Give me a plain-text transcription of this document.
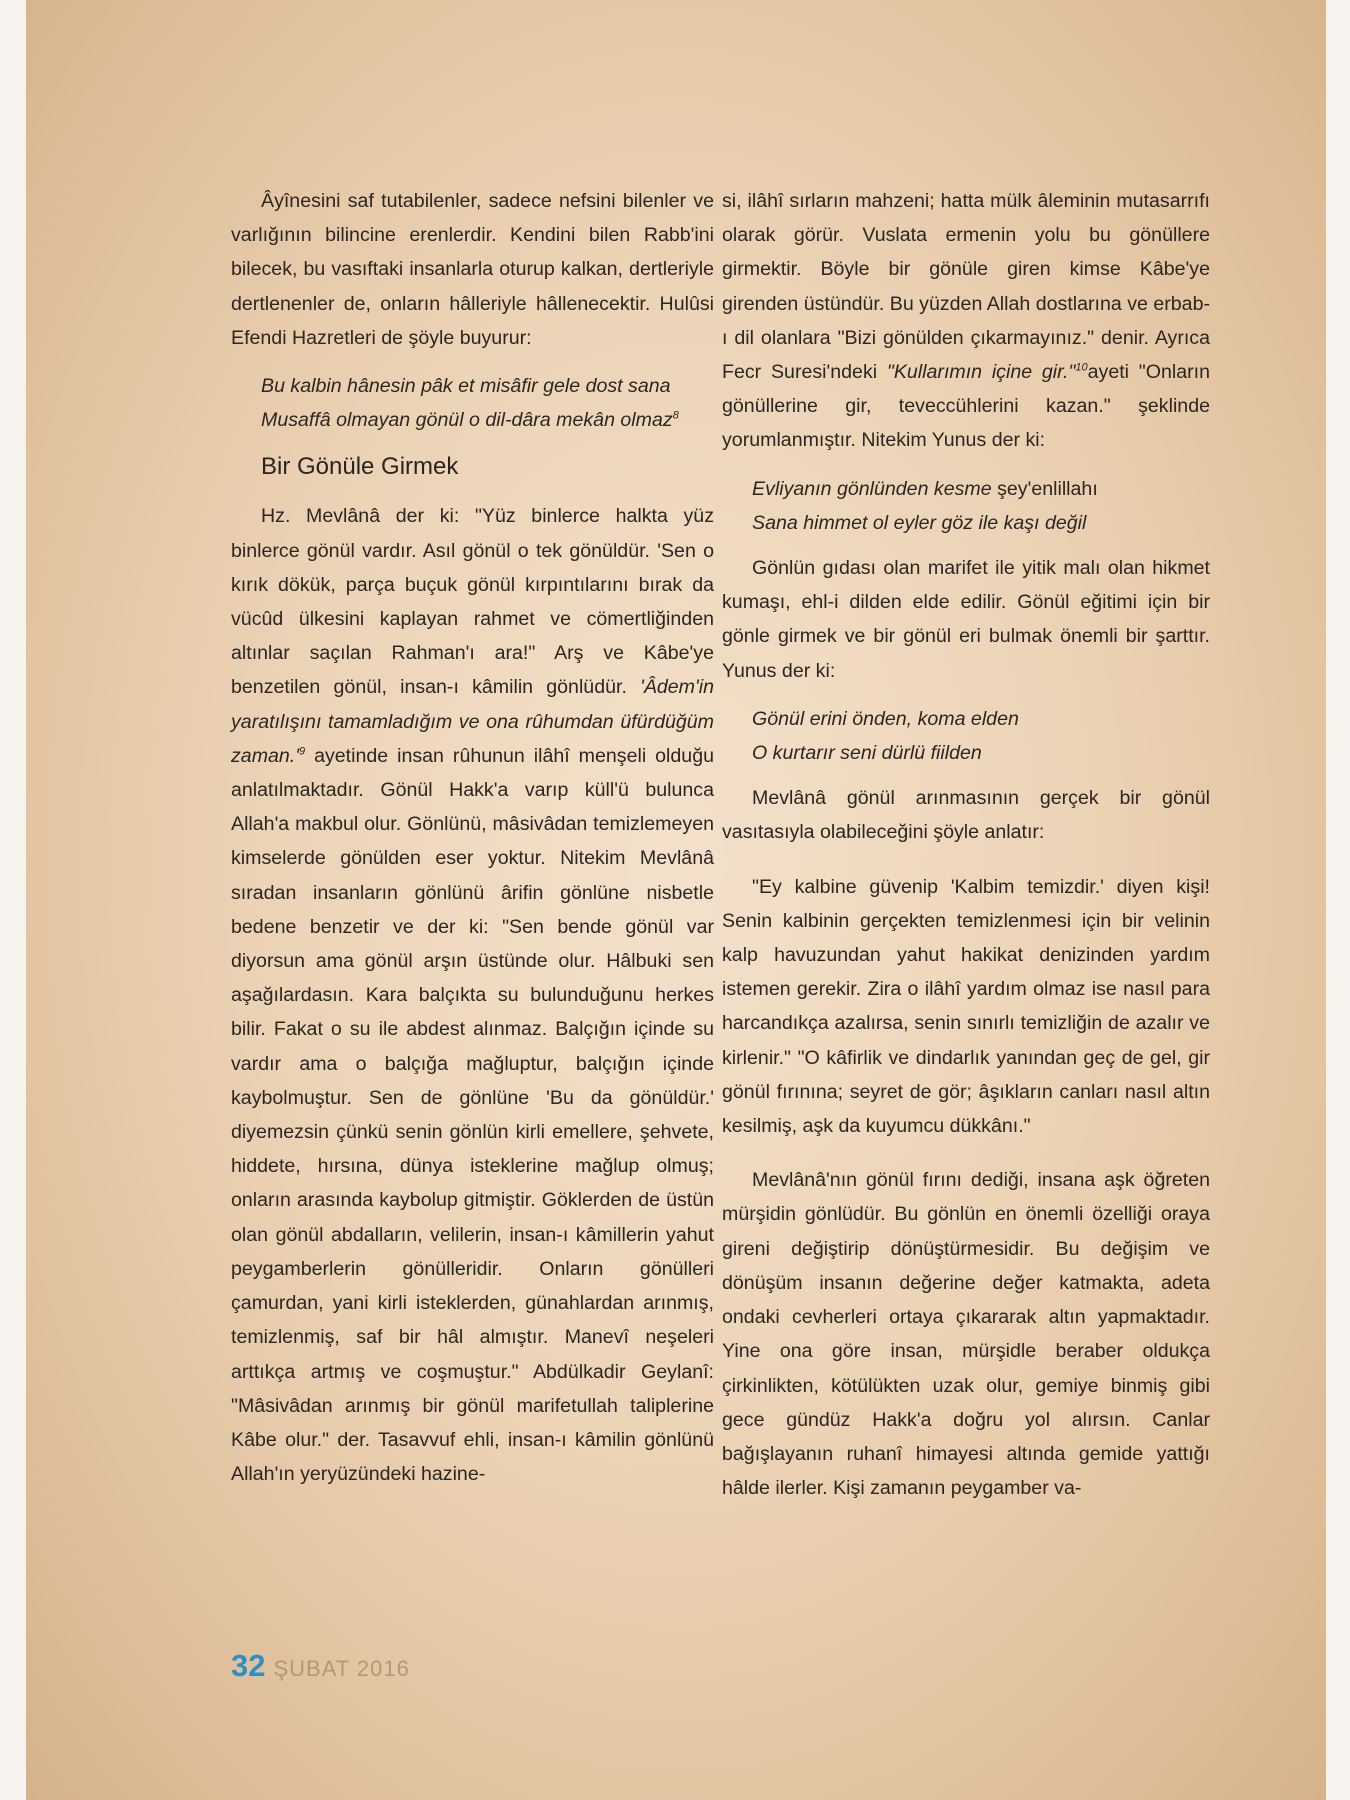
Âyînesini saf tutabilenler, sadece nefsini bilenler ve varlığının bilincine erenlerdir. Kendini bilen Rabb'ini bilecek, bu vasıftaki insanlarla oturup kalkan, dertleriyle dertlenenler de, onların hâlleriyle hâllenecektir. Hulûsi Efendi Hazretleri de şöyle buyurur:

Bu kalbin hânesin pâk et misâfir gele dost sana

Musaffâ olmayan gönül o dil-dâra mekân olmaz$^8$

Bir Gönüle Girmek

Hz. Mevlânâ der ki: "Yüz binlerce halkta yüz binlerce gönül vardır. Asıl gönül o tek gönüldür. 'Sen o kırık dökük, parça buçuk gönül kırpıntılarını bırak da vücûd ülkesini kaplayan rahmet ve cömertliğinden altınlar saçılan Rahman'ı ara!" Arş ve Kâbe'ye benzetilen gönül, insan-ı kâmilin gönlüdür. 'Âdem'in yaratılışını tamamladığım ve ona rûhumdan üfürdüğüm zaman.'$^9$ ayetinde insan rûhunun ilâhî menşeli olduğu anlatılmaktadır. Gönül Hakk'a varıp küll'ü bulunca Allah'a makbul olur. Gönlünü, mâsivâdan temizlemeyen kimselerde gönülden eser yoktur. Nitekim Mevlânâ sıradan insanların gönlünü ârifin gönlüne nisbetle bedene benzetir ve der ki: "Sen bende gönül var diyorsun ama gönül arşın üstünde olur. Hâlbuki sen aşağılardasın. Kara balçıkta su bulunduğunu herkes bilir. Fakat o su ile abdest alınmaz. Balçığın içinde su vardır ama o balçığa mağluptur, balçığın içinde kaybolmuştur. Sen de gönlüne 'Bu da gönüldür.' diyemezsin çünkü senin gönlün kirli emellere, şehvete, hiddete, hırsına, dünya isteklerine mağlup olmuş; onların arasında kaybolup gitmiştir. Göklerden de üstün olan gönül abdalların, velilerin, insan-ı kâmillerin yahut peygamberlerin gönülleridir. Onların gönülleri çamurdan, yani kirli isteklerden, günahlardan arınmış, temizlenmiş, saf bir hâl almıştır. Manevî neşeleri arttıkça artmış ve coşmuştur." Abdülkadir Geylanî: "Mâsivâdan arınmış bir gönül marifetullah taliplerine Kâbe olur." der. Tasavvuf ehli, insan-ı kâmilin gönlünü Allah'ın yeryüzündeki hazine-

si, ilâhî sırların mahzeni; hatta mülk âleminin mutasarrıfı olarak görür. Vuslata ermenin yolu bu gönüllere girmektir. Böyle bir gönüle giren kimse Kâbe'ye girenden üstündür. Bu yüzden Allah dostlarına ve erbab-ı dil olanlara "Bizi gönülden çıkarmayınız." denir. Ayrıca Fecr Suresi'ndeki "Kullarımın içine gir."$^{10}$ayeti "Onların gönüllerine gir, teveccühlerini kazan." şeklinde yorumlanmıştır. Nitekim Yunus der ki:

Evliyanın gönlünden kesme şey'enlillahı

Sana himmet ol eyler göz ile kaşı değil

Gönlün gıdası olan marifet ile yitik malı olan hikmet kumaşı, ehl-i dilden elde edilir. Gönül eğitimi için bir gönle girmek ve bir gönül eri bulmak önemli bir şarttır. Yunus der ki:

Gönül erini önden, koma elden

O kurtarır seni dürlü fiilden

Mevlânâ gönül arınmasının gerçek bir gönül vasıtasıyla olabileceğini şöyle anlatır:

"Ey kalbine güvenip 'Kalbim temizdir.' diyen kişi! Senin kalbinin gerçekten temizlenmesi için bir velinin kalp havuzundan yahut hakikat denizinden yardım istemen gerekir. Zira o ilâhî yardım olmaz ise nasıl para harcandıkça azalırsa, senin sınırlı temizliğin de azalır ve kirlenir." "O kâfirlik ve dindarlık yanından geç de gel, gir gönül fırınına; seyret de gör; âşıkların canları nasıl altın kesilmiş, aşk da kuyumcu dükkânı."

Mevlânâ'nın gönül fırını dediği, insana aşk öğreten mürşidin gönlüdür. Bu gönlün en önemli özelliği oraya gireni değiştirip dönüştürmesidir. Bu değişim ve dönüşüm insanın değerine değer katmakta, adeta ondaki cevherleri ortaya çıkararak altın yapmaktadır. Yine ona göre insan, mürşidle beraber oldukça çirkinlikten, kötülükten uzak olur, gemiye binmiş gibi gece gündüz Hakk'a doğru yol alırsın. Canlar bağışlayanın ruhanî himayesi altında gemide yattığı hâlde ilerler. Kişi zamanın peygamber va-

32 ŞUBAT 2016
